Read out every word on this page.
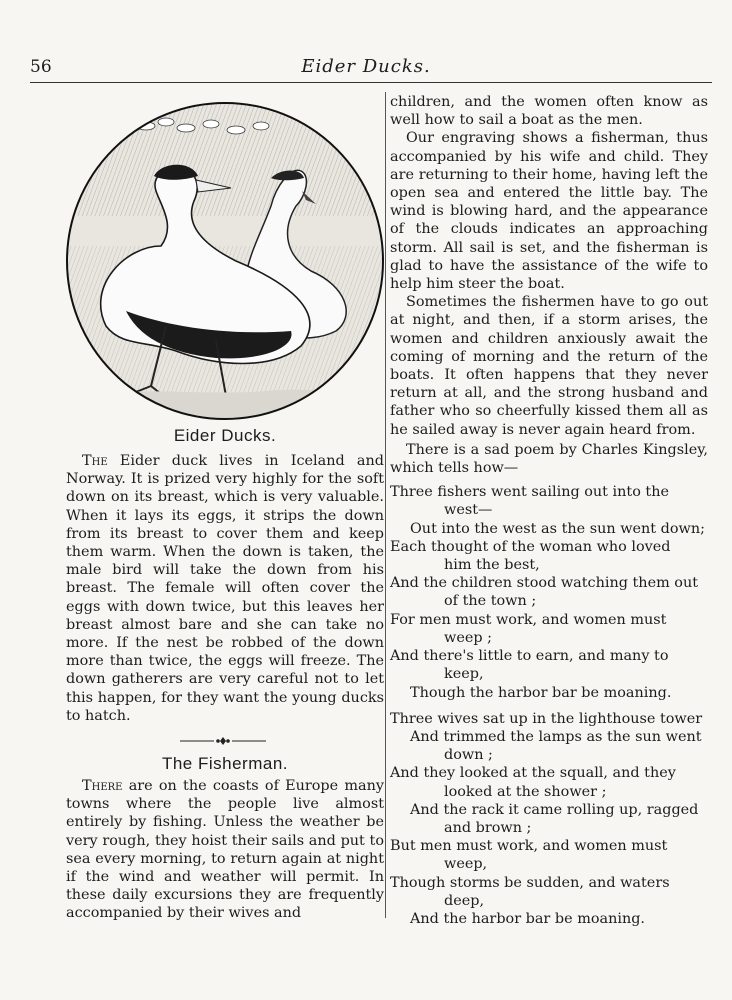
56	Eider Ducks.

Eider Ducks.

The Eider duck lives in Iceland and Norway. It is prized very highly for the soft down on its breast, which is very valuable. When it lays its eggs, it strips the down from its breast to cover them and keep them warm. When the down is taken, the male bird will take the down from his breast. The female will often cover the eggs with down twice, but this leaves her breast almost bare and she can take no more. If the nest be robbed of the down more than twice, the eggs will freeze. The down gatherers are very careful not to let this happen, for they want the young ducks to hatch.

The Fisherman.

There are on the coasts of Europe many towns where the people live almost entirely by fishing. Unless the weather be very rough, they hoist their sails and put to sea every morning, to return again at night if the wind and weather will permit. In these daily excursions they are frequently accompanied by their wives and

children, and the women often know as well how to sail a boat as the men.

Our engraving shows a fisherman, thus accompanied by his wife and child. They are returning to their home, having left the open sea and entered the little bay. The wind is blowing hard, and the appearance of the clouds indicates an approaching storm. All sail is set, and the fisherman is glad to have the assistance of the wife to help him steer the boat.

Sometimes the fishermen have to go out at night, and then, if a storm arises, the women and children anxiously await the coming of morning and the return of the boats. It often happens that they never return at all, and the strong husband and father who so cheerfully kissed them all as he sailed away is never again heard from.

There is a sad poem by Charles Kingsley, which tells how—

Three fishers went sailing out into the

west—

Out into the west as the sun went down;

Each thought of the woman who loved

him the best,

And the children stood watching them out

of the town ;

For men must work, and women must

weep ;

And there's little to earn, and many to

keep,

Though the harbor bar be moaning.

Three wives sat up in the lighthouse tower

And trimmed the lamps as the sun went

down ;

And they looked at the squall, and they

looked at the shower ;

And the rack it came rolling up, ragged

and brown ;

But men must work, and women must

weep,

Though storms be sudden, and waters

deep,

And the harbor bar be moaning.
